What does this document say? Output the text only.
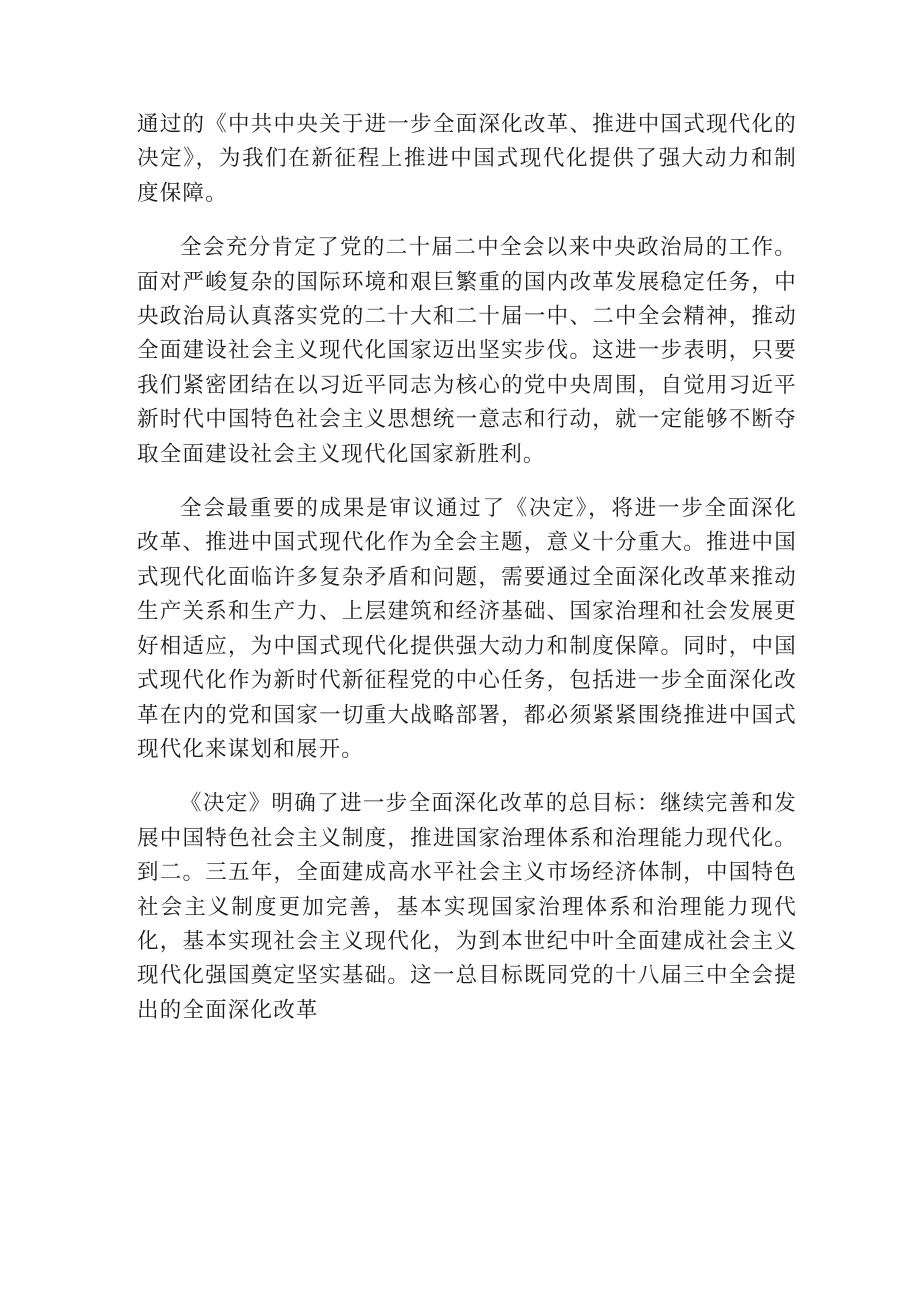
通过的《中共中央关于进一步全面深化改革、推进中国式现代化的决定》，为我们在新征程上推进中国式现代化提供了强大动力和制度保障。

全会充分肯定了党的二十届二中全会以来中央政治局的工作。面对严峻复杂的国际环境和艰巨繁重的国内改革发展稳定任务，中央政治局认真落实党的二十大和二十届一中、二中全会精神，推动全面建设社会主义现代化国家迈出坚实步伐。这进一步表明，只要我们紧密团结在以习近平同志为核心的党中央周围，自觉用习近平新时代中国特色社会主义思想统一意志和行动，就一定能够不断夺取全面建设社会主义现代化国家新胜利。

全会最重要的成果是审议通过了《决定》，将进一步全面深化改革、推进中国式现代化作为全会主题，意义十分重大。推进中国式现代化面临许多复杂矛盾和问题，需要通过全面深化改革来推动生产关系和生产力、上层建筑和经济基础、国家治理和社会发展更好相适应，为中国式现代化提供强大动力和制度保障。同时，中国式现代化作为新时代新征程党的中心任务，包括进一步全面深化改革在内的党和国家一切重大战略部署，都必须紧紧围绕推进中国式现代化来谋划和展开。

《决定》明确了进一步全面深化改革的总目标：继续完善和发展中国特色社会主义制度，推进国家治理体系和治理能力现代化。到二。三五年，全面建成高水平社会主义市场经济体制，中国特色社会主义制度更加完善，基本实现国家治理体系和治理能力现代化，基本实现社会主义现代化，为到本世纪中叶全面建成社会主义现代化强国奠定坚实基础。这一总目标既同党的十八届三中全会提出的全面深化改革
